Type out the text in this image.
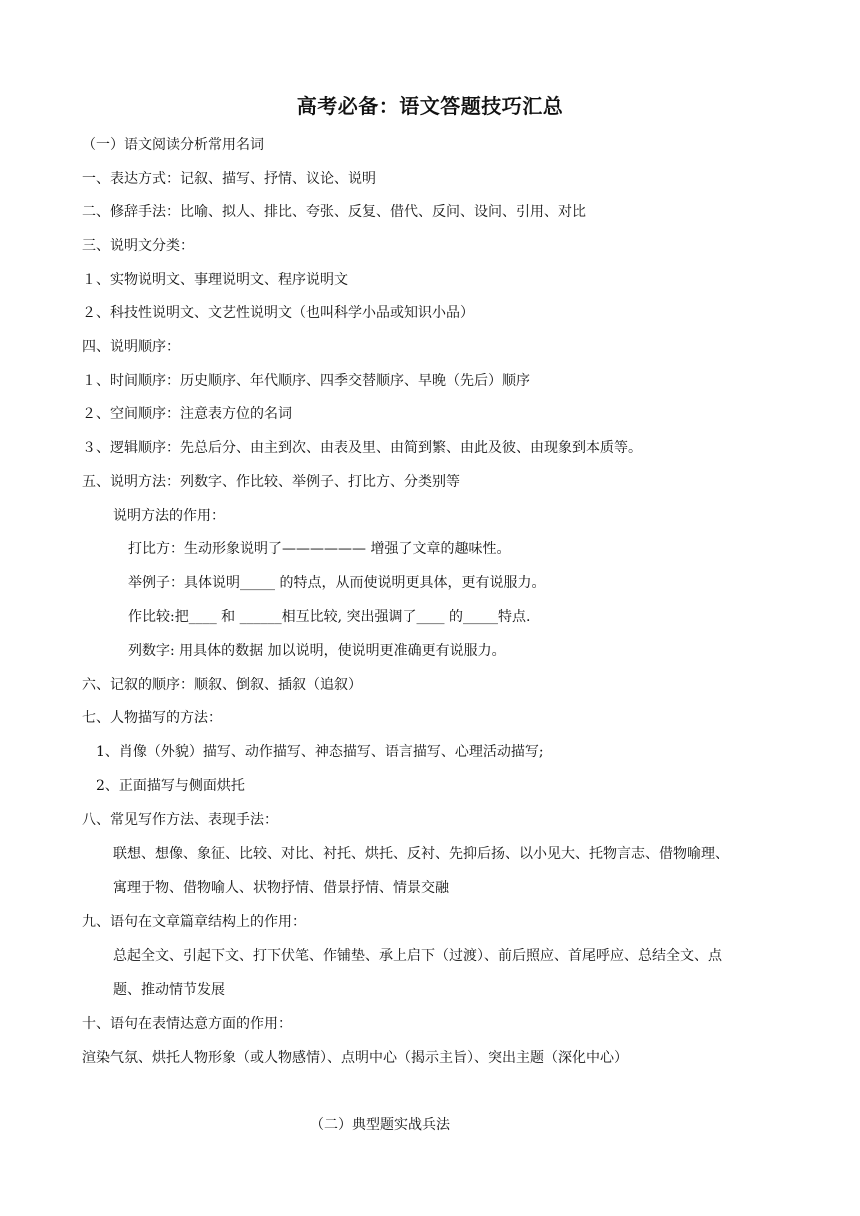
高考必备：语文答题技巧汇总
（一）语文阅读分析常用名词
一、表达方式：记叙、描写、抒情、议论、说明
二、修辞手法：比喻、拟人、排比、夸张、反复、借代、反问、设问、引用、对比
三、说明文分类：
１、实物说明文、事理说明文、程序说明文
２、科技性说明文、文艺性说明文（也叫科学小品或知识小品）
四、说明顺序：
１、时间顺序：历史顺序、年代顺序、四季交替顺序、早晚（先后）顺序
２、空间顺序：注意表方位的名词
３、逻辑顺序：先总后分、由主到次、由表及里、由简到繁、由此及彼、由现象到本质等。
五、说明方法：列数字、作比较、举例子、打比方、分类别等
说明方法的作用：
打比方：生动形象说明了—————— 增强了文章的趣味性。
举例子：具体说明_____ 的特点，从而使说明更具体，更有说服力。
作比较:把____ 和 ______相互比较, 突出强调了____ 的_____特点.
列数字: 用具体的数据 加以说明，使说明更准确更有说服力。
六、记叙的顺序：顺叙、倒叙、插叙（追叙）
七、人物描写的方法：
1、肖像（外貌）描写、动作描写、神态描写、语言描写、心理活动描写;
2、正面描写与侧面烘托
八、常见写作方法、表现手法：
联想、想像、象征、比较、对比、衬托、烘托、反衬、先抑后扬、以小见大、托物言志、借物喻理、
寓理于物、借物喻人、状物抒情、借景抒情、情景交融
九、语句在文章篇章结构上的作用：
总起全文、引起下文、打下伏笔、作铺垫、承上启下（过渡）、前后照应、首尾呼应、总结全文、点
题、推动情节发展
十、语句在表情达意方面的作用：
渲染气氛、烘托人物形象（或人物感情）、点明中心（揭示主旨）、突出主题（深化中心）
（二）典型题实战兵法
